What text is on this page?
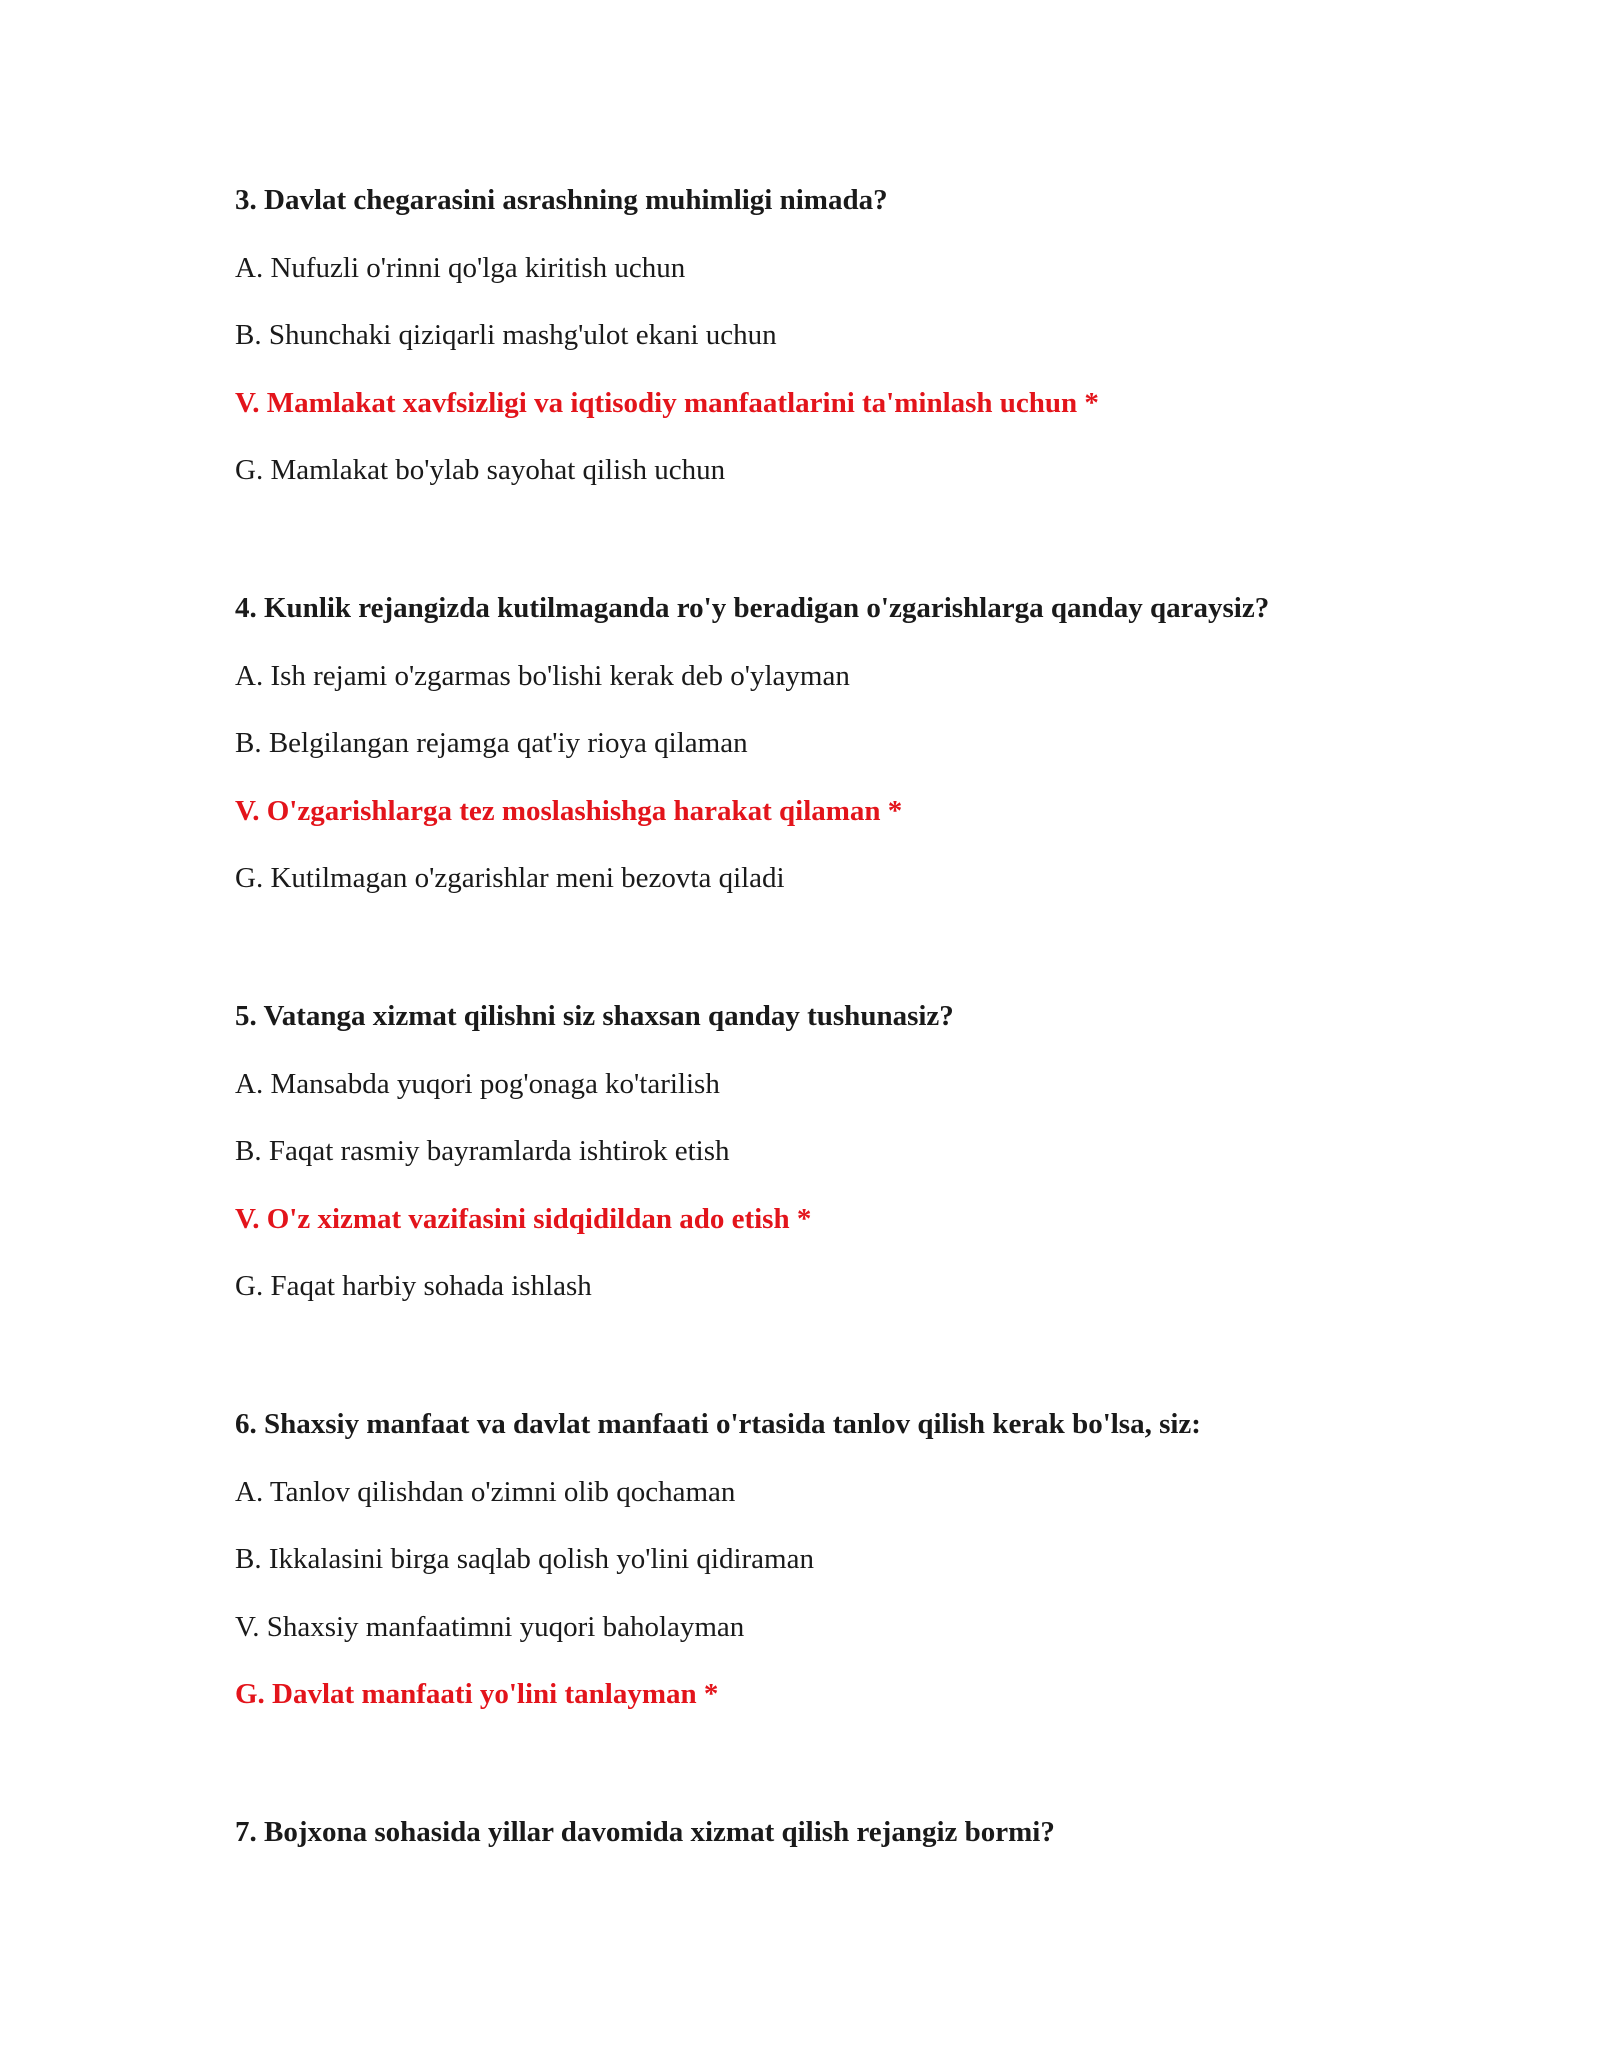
3. Davlat chegarasini asrashning muhimligi nimada?
A. Nufuzli o'rinni qo'lga kiritish uchun
B. Shunchaki qiziqarli mashg'ulot ekani uchun
V. Mamlakat xavfsizligi va iqtisodiy manfaatlarini ta'minlash uchun *
G. Mamlakat bo'ylab sayohat qilish uchun
4. Kunlik rejangizda kutilmaganda ro'y beradigan o'zgarishlarga qanday qaraysiz?
A. Ish rejami o'zgarmas bo'lishi kerak deb o'ylayman
B. Belgilangan rejamga qat'iy rioya qilaman
V. O'zgarishlarga tez moslashishga harakat qilaman *
G. Kutilmagan o'zgarishlar meni bezovta qiladi
5. Vatanga xizmat qilishni siz shaxsan qanday tushunasiz?
A. Mansabda yuqori pog'onaga ko'tarilish
B. Faqat rasmiy bayramlarda ishtirok etish
V. O'z xizmat vazifasini sidqidildan ado etish *
G. Faqat harbiy sohada ishlash
6. Shaxsiy manfaat va davlat manfaati o'rtasida tanlov qilish kerak bo'lsa, siz:
A. Tanlov qilishdan o'zimni olib qochaman
B. Ikkalasini birga saqlab qolish yo'lini qidiraman
V. Shaxsiy manfaatimni yuqori baholayman
G. Davlat manfaati yo'lini tanlayman *
7. Bojxona sohasida yillar davomida xizmat qilish rejangiz bormi?
